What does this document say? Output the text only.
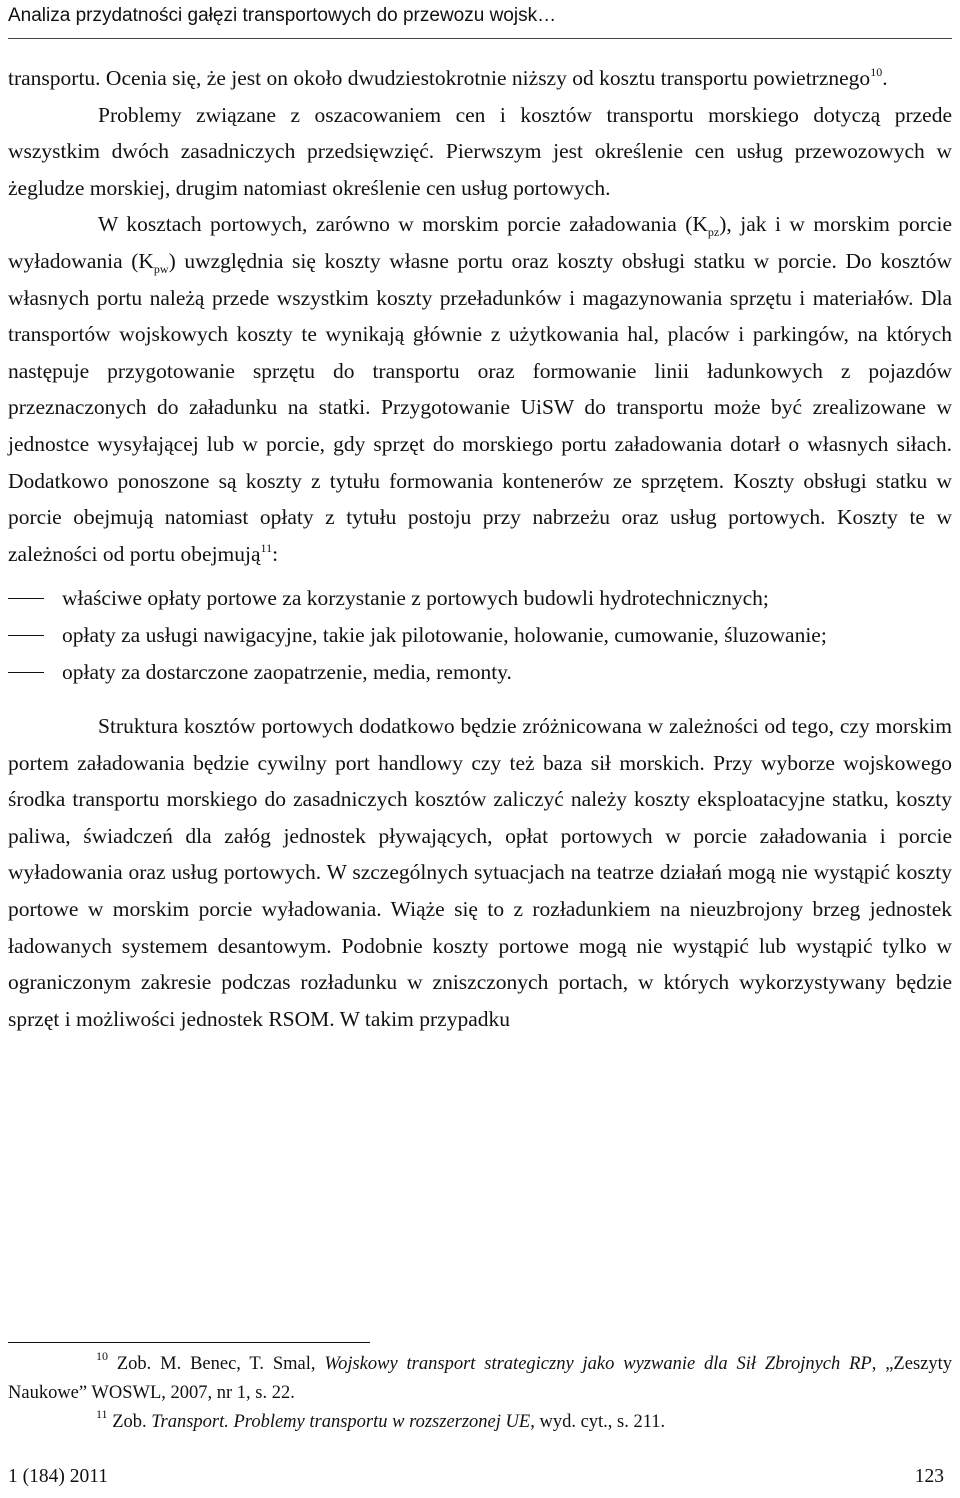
Analiza przydatności gałęzi transportowych do przewozu wojsk…

transportu. Ocenia się, że jest on około dwudziestokrotnie niższy od kosztu transportu powietrznego$^{10}$.

Problemy związane z oszacowaniem cen i kosztów transportu morskiego dotyczą przede wszystkim dwóch zasadniczych przedsięwzięć. Pierwszym jest określenie cen usług przewozowych w żegludze morskiej, drugim natomiast określenie cen usług portowych.

W kosztach portowych, zarówno w morskim porcie załadowania $(K_{pz})$, jak i w morskim porcie wyładowania $(K_{pw})$ uwzględnia się koszty własne portu oraz koszty obsługi statku w porcie. Do kosztów własnych portu należą przede wszystkim koszty przeładunków i magazynowania sprzętu i materiałów. Dla transportów wojskowych koszty te wynikają głównie z użytkowania hal, placów i parkingów, na których następuje przygotowanie sprzętu do transportu oraz formowanie linii ładunkowych z pojazdów przeznaczonych do załadunku na statki. Przygotowanie UiSW do transportu może być zrealizowane w jednostce wysyłającej lub w porcie, gdy sprzęt do morskiego portu załadowania dotarł o własnych siłach. Dodatkowo ponoszone są koszty z tytułu formowania kontenerów ze sprzętem. Koszty obsługi statku w porcie obejmują natomiast opłaty z tytułu postoju przy nabrzeżu oraz usług portowych. Koszty te w zależności od portu obejmują$^{11}$:

właściwe opłaty portowe za korzystanie z portowych budowli hydrotechnicznych;
opłaty za usługi nawigacyjne, takie jak pilotowanie, holowanie, cumowanie, śluzowanie;
opłaty za dostarczone zaopatrzenie, media, remonty.

Struktura kosztów portowych dodatkowo będzie zróżnicowana w zależności od tego, czy morskim portem załadowania będzie cywilny port handlowy czy też baza sił morskich. Przy wyborze wojskowego środka transportu morskiego do zasadniczych kosztów zaliczyć należy koszty eksploatacyjne statku, koszty paliwa, świadczeń dla załóg jednostek pływających, opłat portowych w porcie załadowania i porcie wyładowania oraz usług portowych. W szczególnych sytuacjach na teatrze działań mogą nie wystąpić koszty portowe w morskim porcie wyładowania. Wiąże się to z rozładunkiem na nieuzbrojony brzeg jednostek ładowanych systemem desantowym. Podobnie koszty portowe mogą nie wystąpić lub wystąpić tylko w ograniczonym zakresie podczas rozładunku w zniszczonych portach, w których wykorzystywany będzie sprzęt i możliwości jednostek RSOM. W takim przypadku

$^{10}$ Zob. M. Benec, T. Smal, Wojskowy transport strategiczny jako wyzwanie dla Sił Zbrojnych RP, „Zeszyty Naukowe” WOSWL, 2007, nr 1, s. 22.

$^{11}$ Zob. Transport. Problemy transportu w rozszerzonej UE, wyd. cyt., s. 211.

1 (184) 2011	123
